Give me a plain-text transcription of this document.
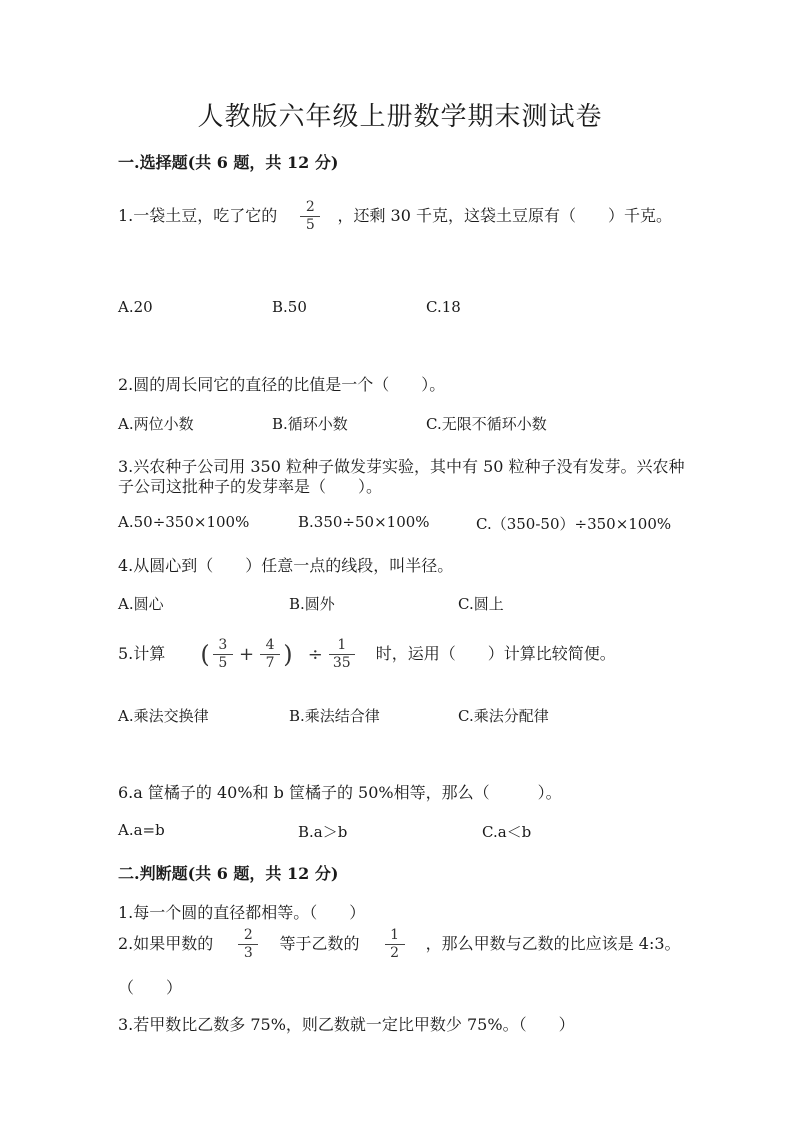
人教版六年级上册数学期末测试卷
一.选择题(共 6 题，共 12 分)
1.一袋土豆，吃了它的 $\frac{2}{5}$ ，还剩 30 千克，这袋土豆原有（　　）千克。
A.20	B.50	C.18
2.圆的周长同它的直径的比值是一个（　　）。
A.两位小数	B.循环小数	C.无限不循环小数
3.兴农种子公司用 350 粒种子做发芽实验，其中有 50 粒种子没有发芽。兴农种
子公司这批种子的发芽率是（　　）。
A.50÷350×100%	B.350÷50×100%	C.（350-50）÷350×100%
4.从圆心到（　　）任意一点的线段，叫半径。
A.圆心	B.圆外	C.圆上
5.计算 ( $\frac{3}{5} + \frac{4}{7}$ ) ÷ $\frac{1}{35}$ 时，运用（　　）计算比较简便。
A.乘法交换律	B.乘法结合律	C.乘法分配律
6.a 筐橘子的 40%和 b 筐橘子的 50%相等，那么（　　　）。
A.a=b	B.a＞b	C.a＜b
二.判断题(共 6 题，共 12 分)
1.每一个圆的直径都相等。（　　）
2.如果甲数的 $\frac{2}{3}$ 等于乙数的 $\frac{1}{2}$ ，那么甲数与乙数的比应该是 4:3。
（　　）
3.若甲数比乙数多 75%，则乙数就一定比甲数少 75%。（　　）
